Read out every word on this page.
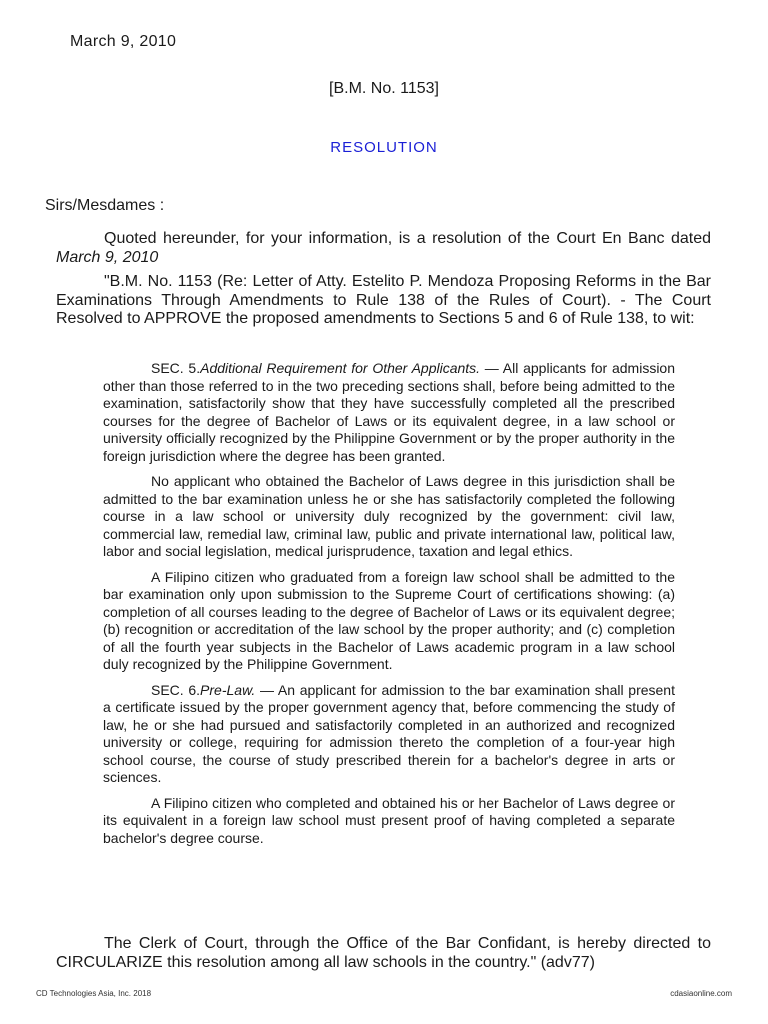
March 9, 2010
[B.M. No. 1153]
RESOLUTION
Sirs/Mesdames :

Quoted hereunder, for your information, is a resolution of the Court En Banc dated March 9, 2010

"B.M. No. 1153 (Re: Letter of Atty. Estelito P. Mendoza Proposing Reforms in the Bar Examinations Through Amendments to Rule 138 of the Rules of Court). - The Court Resolved to APPROVE the proposed amendments to Sections 5 and 6 of Rule 138, to wit:

SEC. 5.Additional Requirement for Other Applicants. — All applicants for admission other than those referred to in the two preceding sections shall, before being admitted to the examination, satisfactorily show that they have successfully completed all the prescribed courses for the degree of Bachelor of Laws or its equivalent degree, in a law school or university officially recognized by the Philippine Government or by the proper authority in the foreign jurisdiction where the degree has been granted.

No applicant who obtained the Bachelor of Laws degree in this jurisdiction shall be admitted to the bar examination unless he or she has satisfactorily completed the following course in a law school or university duly recognized by the government: civil law, commercial law, remedial law, criminal law, public and private international law, political law, labor and social legislation, medical jurisprudence, taxation and legal ethics.

A Filipino citizen who graduated from a foreign law school shall be admitted to the bar examination only upon submission to the Supreme Court of certifications showing: (a) completion of all courses leading to the degree of Bachelor of Laws or its equivalent degree; (b) recognition or accreditation of the law school by the proper authority; and (c) completion of all the fourth year subjects in the Bachelor of Laws academic program in a law school duly recognized by the Philippine Government.

SEC. 6.Pre-Law. — An applicant for admission to the bar examination shall present a certificate issued by the proper government agency that, before commencing the study of law, he or she had pursued and satisfactorily completed in an authorized and recognized university or college, requiring for admission thereto the completion of a four-year high school course, the course of study prescribed therein for a bachelor's degree in arts or sciences.

A Filipino citizen who completed and obtained his or her Bachelor of Laws degree or its equivalent in a foreign law school must present proof of having completed a separate bachelor's degree course.

The Clerk of Court, through the Office of the Bar Confidant, is hereby directed to CIRCULARIZE this resolution among all law schools in the country." (adv77)

CD Technologies Asia, Inc. 2018	cdasiaonline.com
